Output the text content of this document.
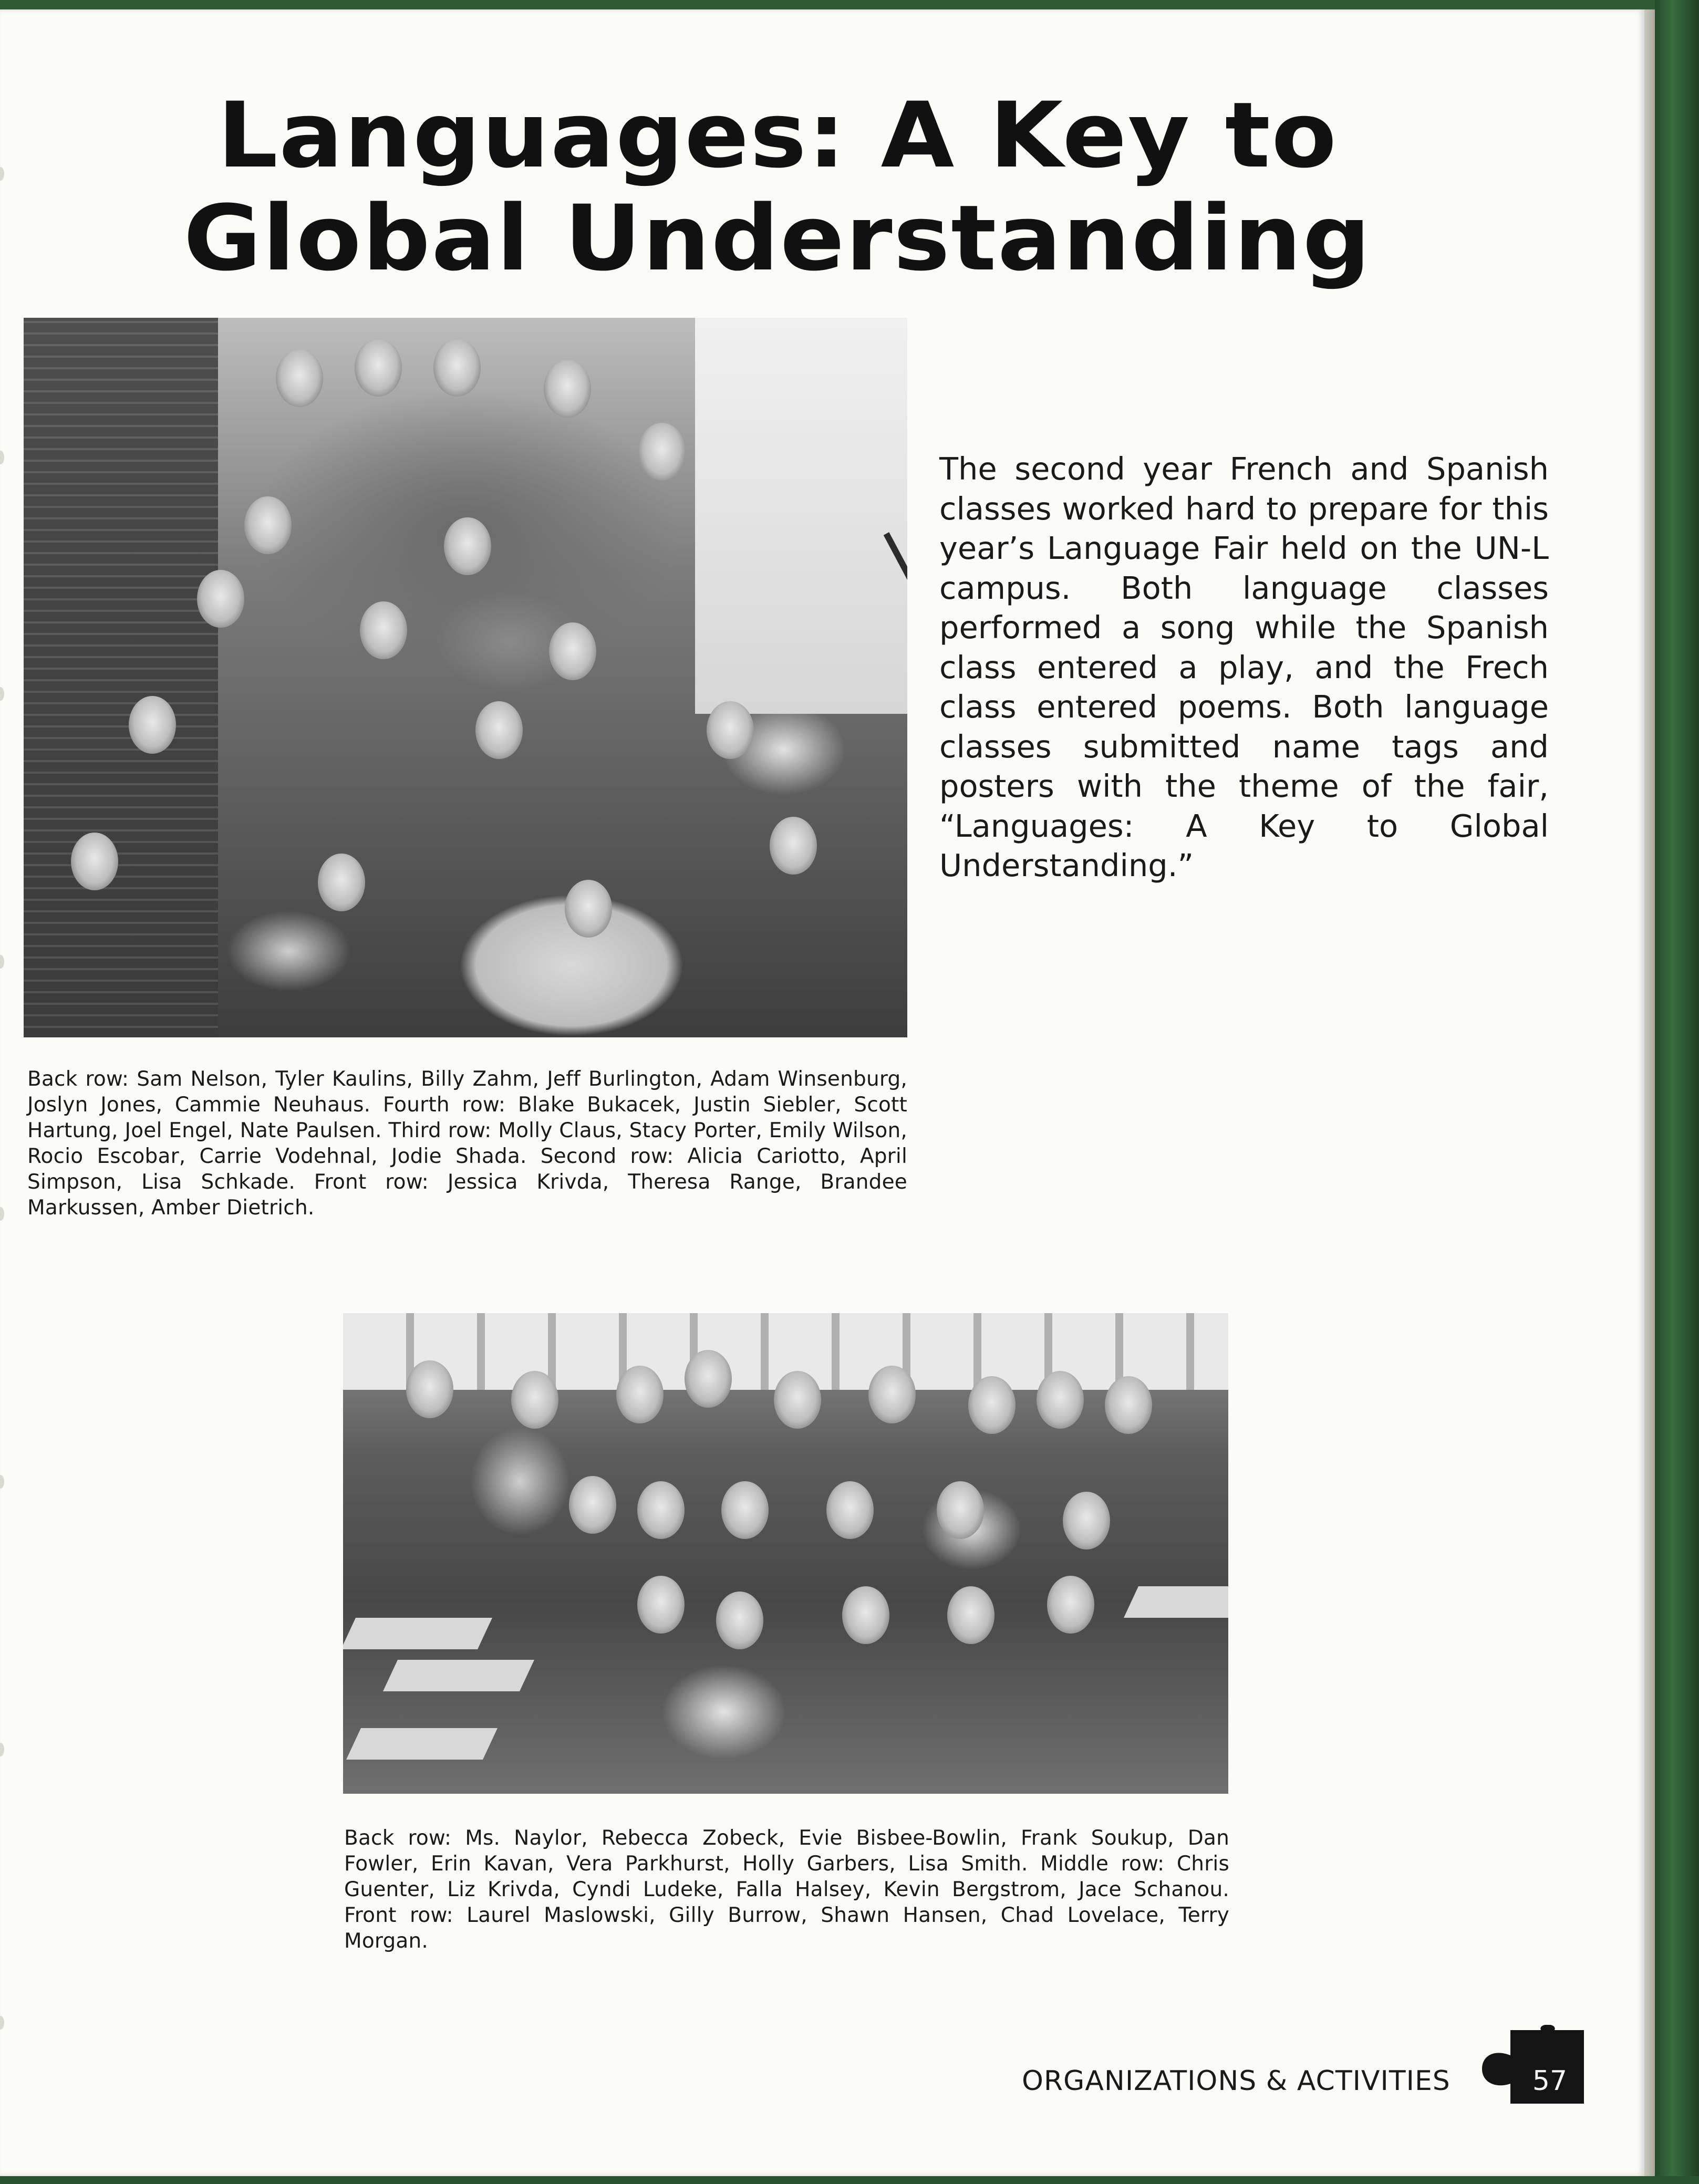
Languages: A Key to
Global Understanding

Back row: Sam Nelson, Tyler Kaulins, Billy Zahm, Jeff Burlington, Adam Winsenburg, Joslyn Jones, Cammie Neuhaus. Fourth row: Blake Bukacek, Justin Siebler, Scott Hartung, Joel Engel, Nate Paulsen. Third row: Molly Claus, Stacy Porter, Emily Wilson, Rocio Escobar, Carrie Vodehnal, Jodie Shada. Second row: Alicia Cariotto, April Simpson, Lisa Schkade. Front row: Jessica Krivda, Theresa Range, Brandee Markussen, Amber Dietrich.

The second year French and Spanish classes worked hard to prepare for this year’s Language Fair held on the UN-L campus. Both language classes performed a song while the Spanish class entered a play, and the Frech class entered poems. Both language classes submitted name tags and posters with the theme of the fair, “Languages: A Key to Global Understanding.”

Back row: Ms. Naylor, Rebecca Zobeck, Evie Bisbee-Bowlin, Frank Soukup, Dan Fowler, Erin Kavan, Vera Parkhurst, Holly Garbers, Lisa Smith. Middle row: Chris Guenter, Liz Krivda, Cyndi Ludeke, Falla Halsey, Kevin Bergstrom, Jace Schanou. Front row: Laurel Maslowski, Gilly Burrow, Shawn Hansen, Chad Lovelace, Terry Morgan.

ORGANIZATIONS & ACTIVITIES	57
